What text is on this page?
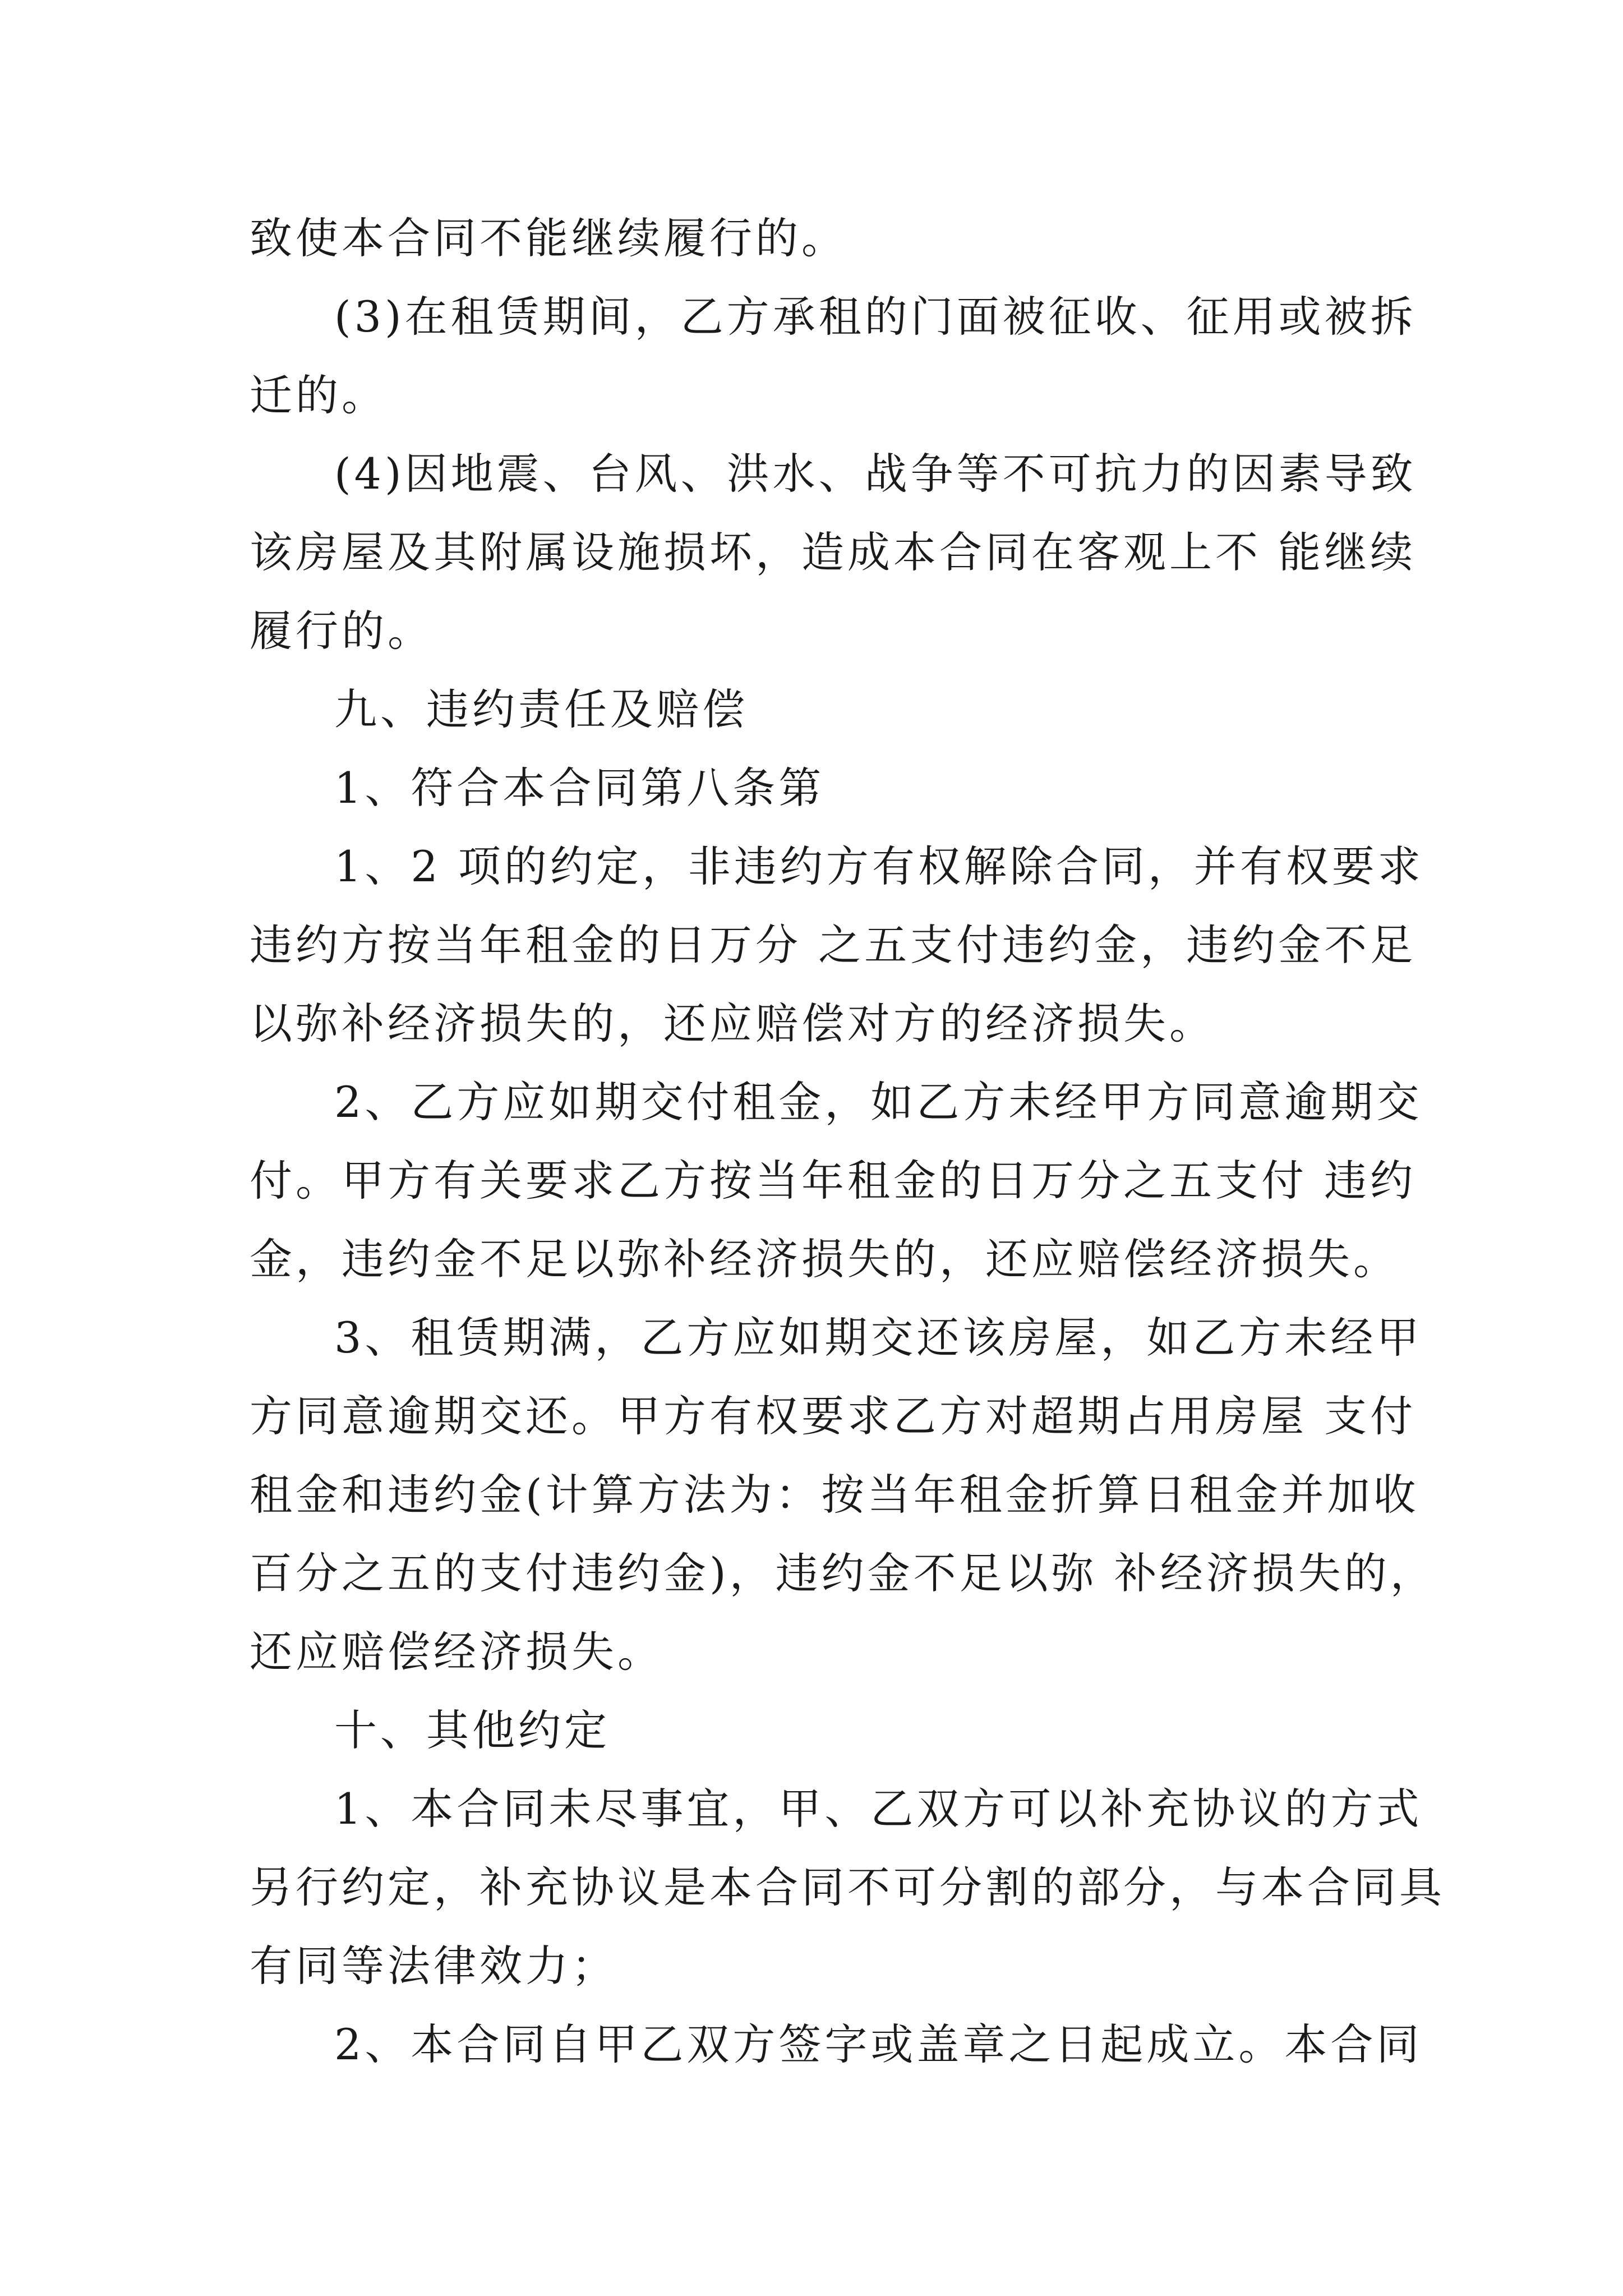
致使本合同不能继续履行的。
(3)在租赁期间，乙方承租的门面被征收、征用或被拆
迁的。
(4)因地震、台风、洪水、战争等不可抗力的因素导致
该房屋及其附属设施损坏，造成本合同在客观上不 能继续
履行的。
九、违约责任及赔偿
1、符合本合同第八条第
1、2 项的约定，非违约方有权解除合同，并有权要求
违约方按当年租金的日万分 之五支付违约金，违约金不足
以弥补经济损失的，还应赔偿对方的经济损失。
2、乙方应如期交付租金，如乙方未经甲方同意逾期交
付。甲方有关要求乙方按当年租金的日万分之五支付 违约
金，违约金不足以弥补经济损失的，还应赔偿经济损失。
3、租赁期满，乙方应如期交还该房屋，如乙方未经甲
方同意逾期交还。甲方有权要求乙方对超期占用房屋 支付
租金和违约金(计算方法为：按当年租金折算日租金并加收
百分之五的支付违约金)，违约金不足以弥 补经济损失的，
还应赔偿经济损失。
十、其他约定
1、本合同未尽事宜，甲、乙双方可以补充协议的方式
另行约定，补充协议是本合同不可分割的部分，与本合同具
有同等法律效力；
2、本合同自甲乙双方签字或盖章之日起成立。本合同
